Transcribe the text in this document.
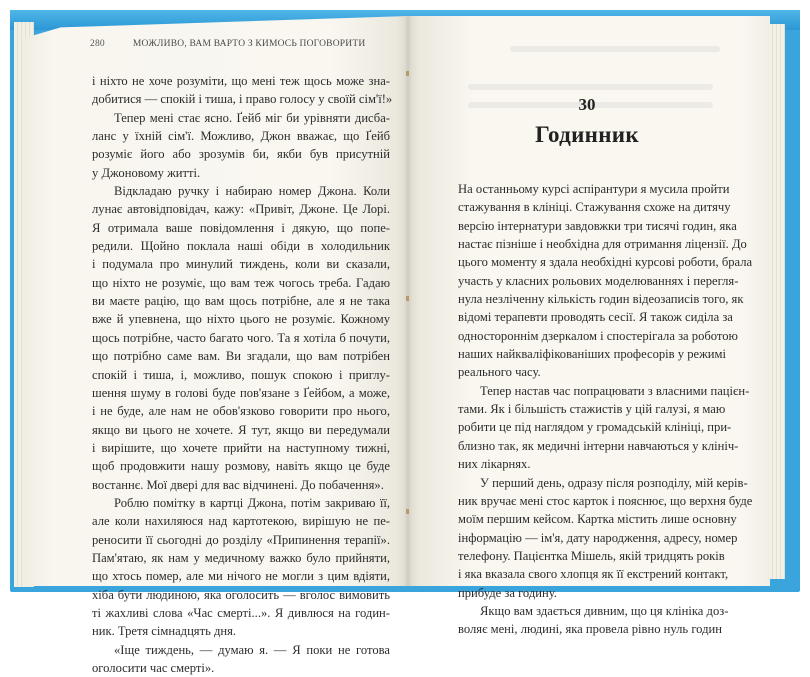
280	МОЖЛИВО, ВАМ ВАРТО З КИМОСЬ ПОГОВОРИТИ

і ніхто не хоче розуміти, що мені теж щось може зна-
добитися — спокій і тиша, і право голосу у своїй сім'ї!»

Тепер мені стає ясно. Ґейб міг би урівняти дисба-
ланс у їхній сім'ї. Можливо, Джон вважає, що Ґейб
розуміє його або зрозумів би, якби був присутній
у Джоновому житті.

Відкладаю ручку і набираю номер Джона. Коли
лунає автовідповідач, кажу: «Привіт, Джоне. Це Лорі.
Я отримала ваше повідомлення і дякую, що попе-
редили. Щойно поклала наші обіди в холодильник
і подумала про минулий тиждень, коли ви сказали,
що ніхто не розуміє, що вам теж чогось треба. Гадаю
ви маєте рацію, що вам щось потрібне, але я не така
вже й упевнена, що ніхто цього не розуміє. Кожному
щось потрібне, часто багато чого. Та я хотіла б почути,
що потрібно саме вам. Ви згадали, що вам потрібен
спокій і тиша, і, можливо, пошук спокою і приглу-
шення шуму в голові буде пов'язане з Ґейбом, а може,
і не буде, але нам не обов'язково говорити про нього,
якщо ви цього не хочете. Я тут, якщо ви передумали
і вирішите, що хочете прийти на наступному тижні,
щоб продовжити нашу розмову, навіть якщо це буде
востаннє. Мої двері для вас відчинені. До побачення».

Роблю помітку в картці Джона, потім закриваю її,
але коли нахиляюся над картотекою, вирішую не пе-
реносити її сьогодні до розділу «Припинення терапії».
Пам'ятаю, як нам у медичному важко було прийняти,
що хтось помер, але ми нічого не могли з цим вдіяти,
хіба бути людиною, яка оголосить — вголос вимовить
ті жахливі слова «Час смерті...». Я дивлюся на годин-
ник. Третя сімнадцять дня.

«Іще тиждень, — думаю я. — Я поки не готова
оголосити час смерті».

30
Годинник

На останньому курсі аспірантури я мусила пройти
стажування в клініці. Стажування схоже на дитячу
версію інтернатури завдовжки три тисячі годин, яка
настає пізніше і необхідна для отримання ліцензії. До
цього моменту я здала необхідні курсові роботи, брала
участь у класних рольових моделюваннях і перегля-
нула незліченну кількість годин відеозаписів того, як
відомі терапевти проводять сесії. Я також сиділа за
одностороннім дзеркалом і спостерігала за роботою
наших найкваліфікованіших професорів у режимі
реального часу.

Тепер настав час попрацювати з власними пацієн-
тами. Як і більшість стажистів у цій галузі, я маю
робити це під наглядом у громадській клініці, при-
близно так, як медичні інтерни навчаються у клініч-
них лікарнях.

У перший день, одразу після розподілу, мій керів-
ник вручає мені стос карток і пояснює, що верхня буде
моїм першим кейсом. Картка містить лише основну
інформацію — ім'я, дату народження, адресу, номер
телефону. Пацієнтка Мішель, якій тридцять років
і яка вказала свого хлопця як її екстрений контакт,
прибуде за годину.

Якщо вам здається дивним, що ця клініка доз-
воляє мені, людині, яка провела рівно нуль годин
